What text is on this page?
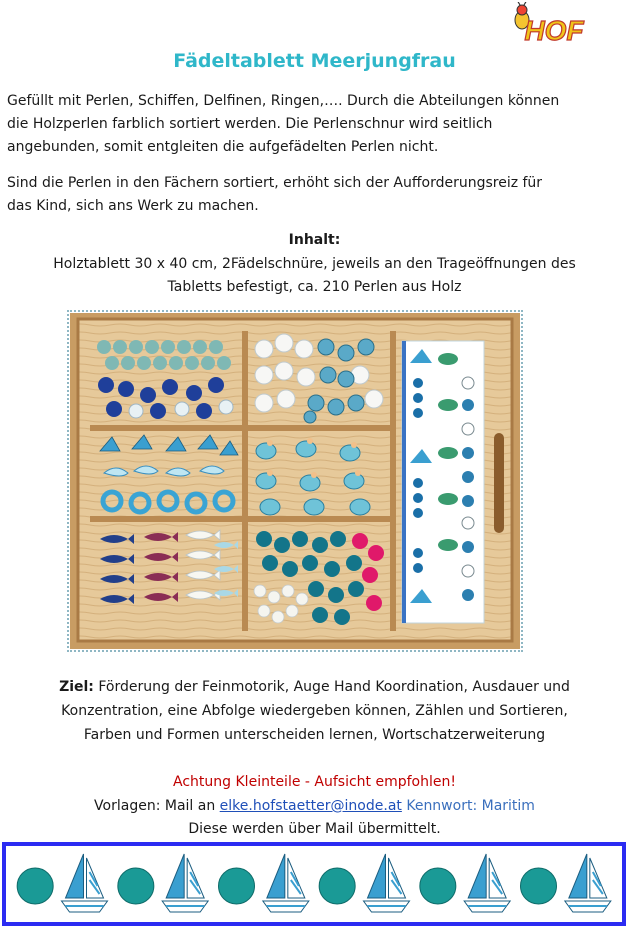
HOF
Fädeltablett Meerjungfrau

Gefüllt mit Perlen, Schiffen, Delfinen, Ringen,…. Durch die Abteilungen können
die Holzperlen farblich sortiert werden. Die Perlenschnur wird seitlich
angebunden, somit entgleiten die aufgefädelten Perlen nicht.

Sind die Perlen in den Fächern sortiert, erhöht sich der Aufforderungsreiz für
das Kind, sich ans Werk zu machen.

Inhalt:
Holztablett 30 x 40 cm, 2Fädelschnüre, jeweils an den Trageöffnungen des
Tabletts befestigt, ca. 210 Perlen aus Holz
Ziel: Förderung der Feinmotorik, Auge Hand Koordination, Ausdauer und
Konzentration, eine Abfolge wiedergeben können, Zählen und Sortieren,
Farben und Formen unterscheiden lernen, Wortschatzerweiterung
Achtung Kleinteile - Aufsicht empfohlen!
Vorlagen: Mail an elke.hofstaetter@inode.at Kennwort: Maritim
Diese werden über Mail übermittelt.
